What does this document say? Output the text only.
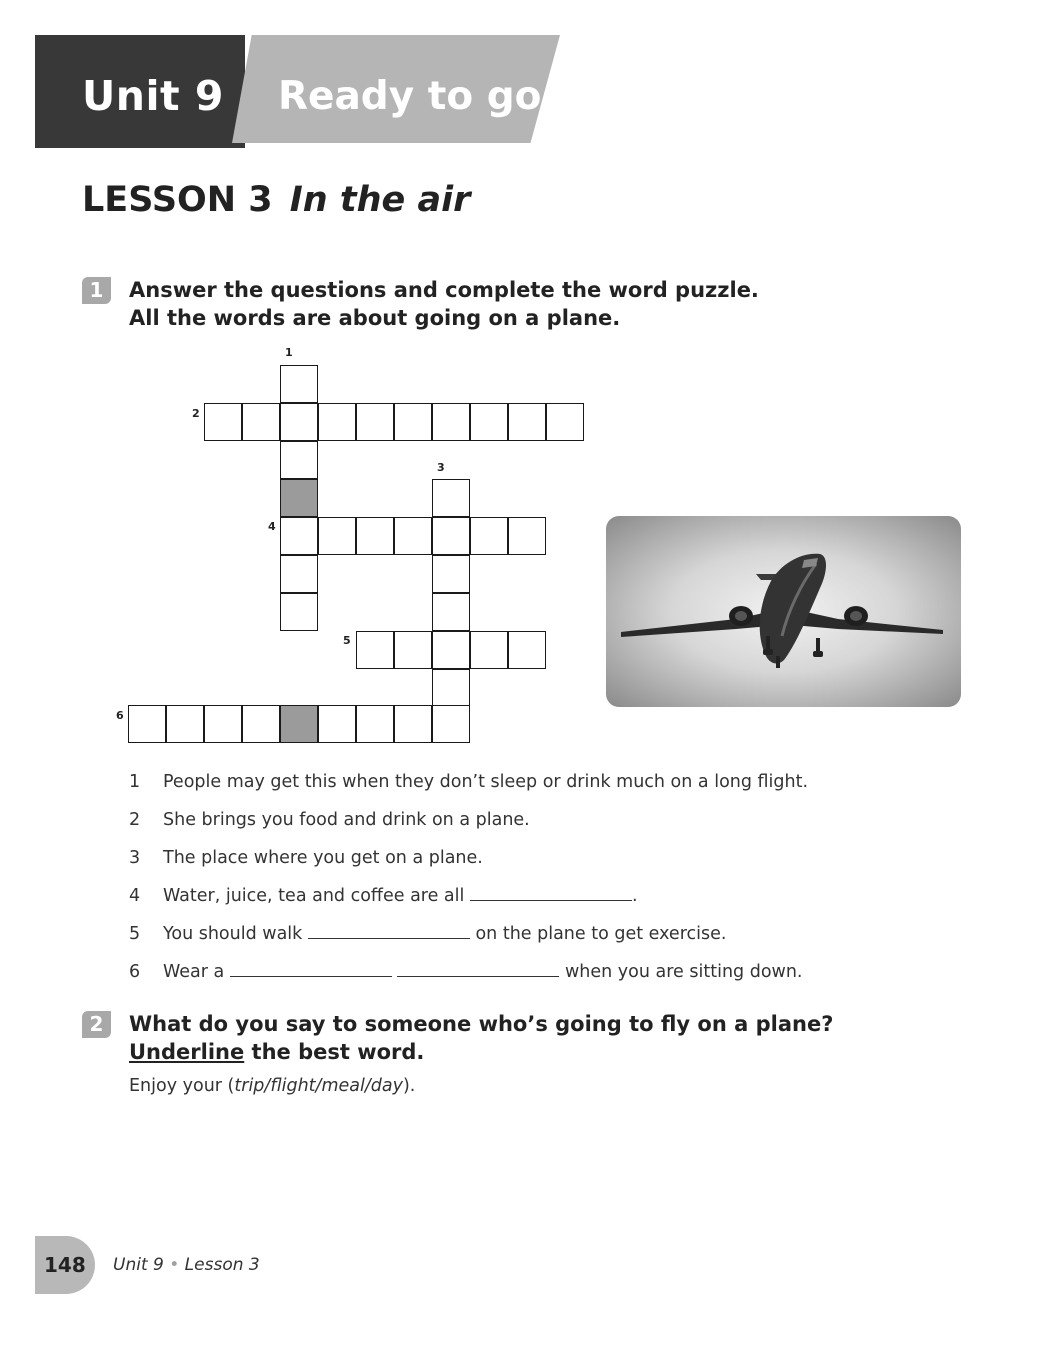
Unit 9 Ready to go
LESSON 3 In the air
1	Answer the questions and complete the word puzzle.
All the words are about going on a plane.
1
2
3
4
5
6
1 People may get this when they don’t sleep or drink much on a long flight.
2 She brings you food and drink on a plane.
3 The place where you get on a plane.
4 Water, juice, tea and coffee are all	.
5 You should walk	on the plane to get exercise.
6 Wear a	when you are sitting down.
2	What do you say to someone who’s going to fly on a plane?
Underline the best word.
Enjoy your (trip/flight/meal/day).
148 Unit 9 • Lesson 3
